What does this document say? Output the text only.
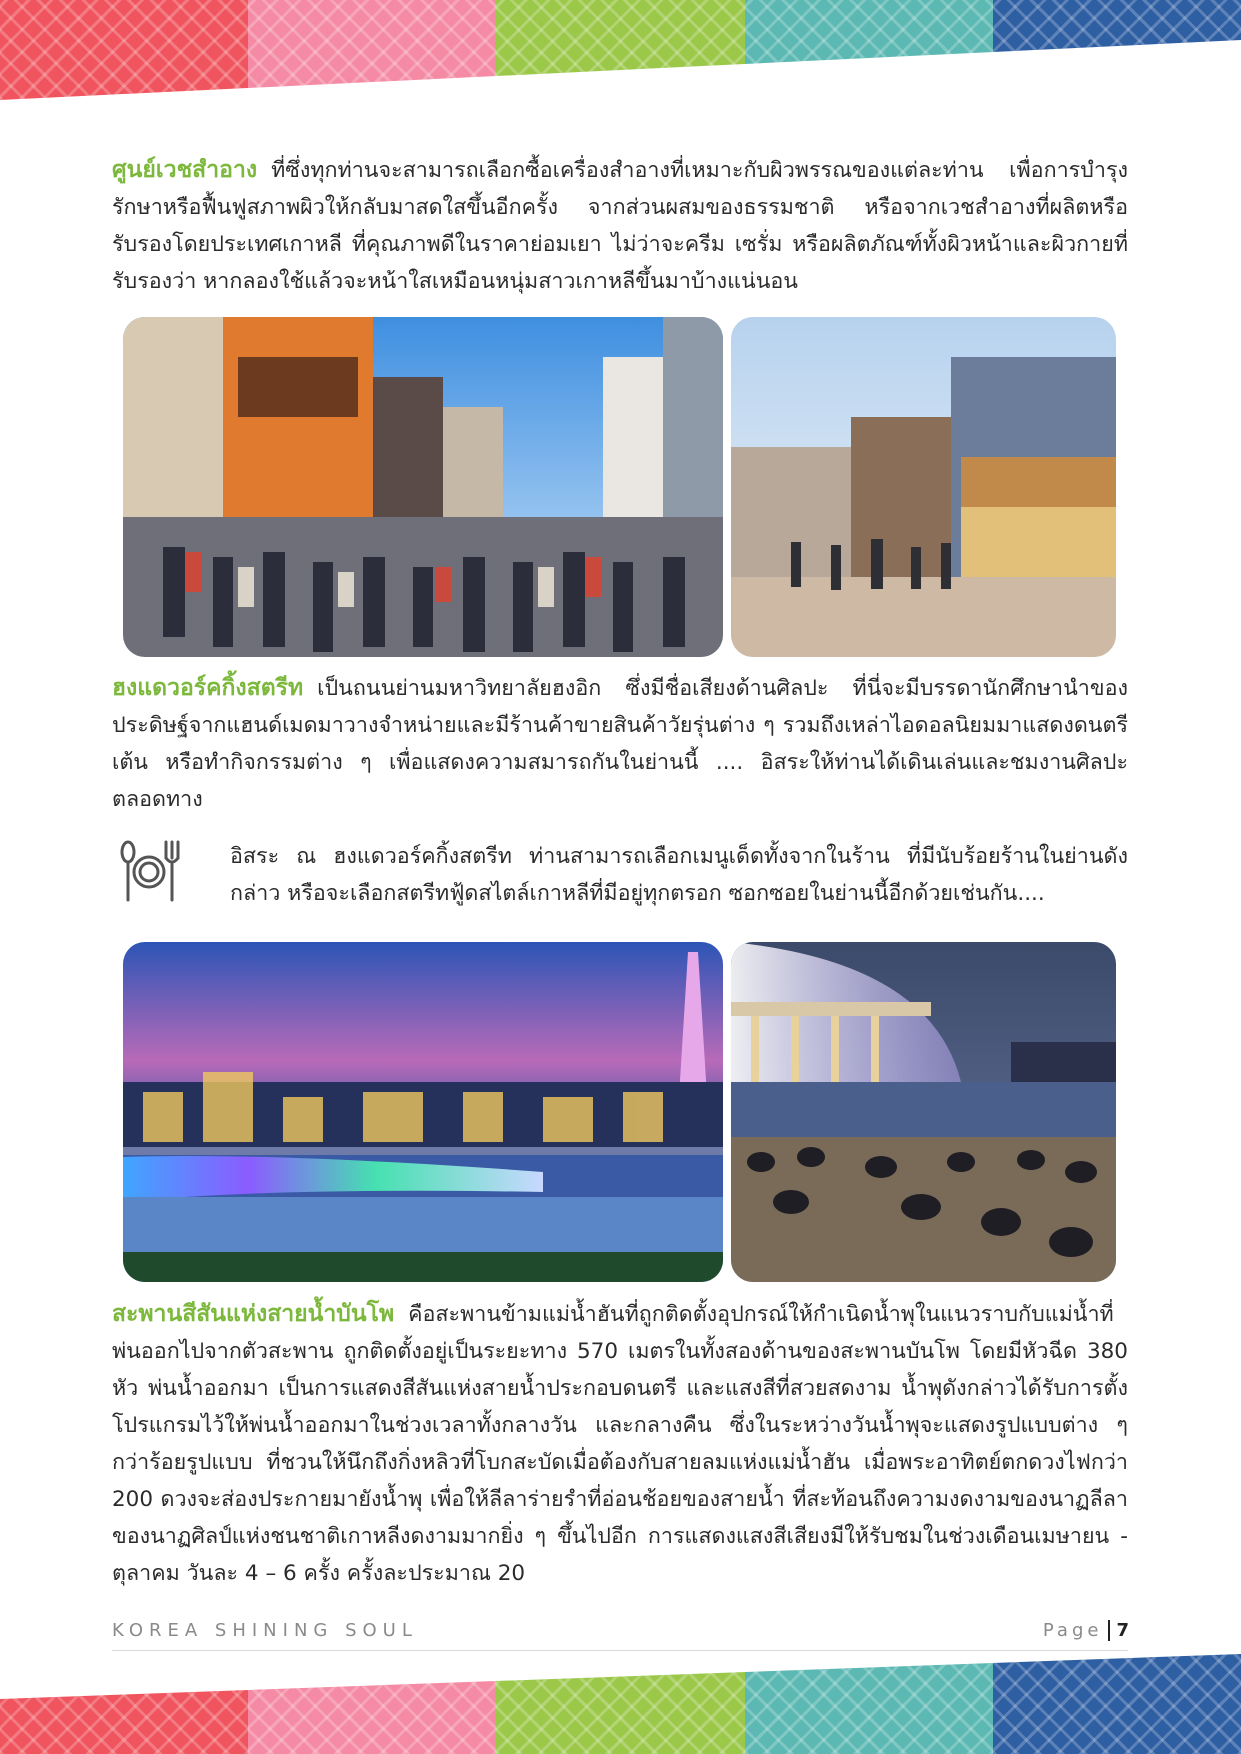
ศูนย์เวชสำอาง ที่ซึ่งทุกท่านจะสามารถเลือกซื้อเครื่องสำอางที่เหมาะกับผิวพรรณของแต่ละท่าน เพื่อการบำรุง รักษาหรือฟื้นฟูสภาพผิวให้กลับมาสดใสขึ้นอีกครั้ง จากส่วนผสมของธรรมชาติ หรือจากเวชสำอางที่ผลิตหรือรับรองโดยประเทศเกาหลี ที่คุณภาพดีในราคาย่อมเยา ไม่ว่าจะครีม เซรั่ม หรือผลิตภัณฑ์ทั้งผิวหน้าและผิวกายที่รับรองว่า หากลองใช้แล้วจะหน้าใสเหมือนหนุ่มสาวเกาหลีขึ้นมาบ้างแน่นอน
ฮงแดวอร์คกิ้งสตรีท เป็นถนนย่านมหาวิทยาลัยฮงอิก ซึ่งมีชื่อเสียงด้านศิลปะ ที่นี่จะมีบรรดานักศึกษานำของประดิษฐ์จากแฮนด์เมดมาวางจำหน่ายและมีร้านค้าขายสินค้าวัยรุ่นต่าง ๆ รวมถึงเหล่าไอดอลนิยมมาแสดงดนตรี เต้น หรือทำกิจกรรมต่าง ๆ เพื่อแสดงความสมารถกันในย่านนี้ .... อิสระให้ท่านได้เดินเล่นและชมงานศิลปะตลอดทาง
อิสระ ณ ฮงแดวอร์คกิ้งสตรีท ท่านสามารถเลือกเมนูเด็ดทั้งจากในร้าน ที่มีนับร้อยร้านในย่านดังกล่าว หรือจะเลือกสตรีทฟู้ดสไตล์เกาหลีที่มีอยู่ทุกตรอก ซอกซอยในย่านนี้อีกด้วยเช่นกัน....
สะพานสีสันแห่งสายน้ำบันโพ คือสะพานข้ามแม่น้ำฮันที่ถูกติดตั้งอุปกรณ์ให้กำเนิดน้ำพุในแนวราบกับแม่น้ำที่พ่นออกไปจากตัวสะพาน ถูกติดตั้งอยู่เป็นระยะทาง 570 เมตรในทั้งสองด้านของสะพานบันโพ โดยมีหัวฉีด 380 หัว พ่นน้ำออกมา เป็นการแสดงสีสันแห่งสายน้ำประกอบดนตรี และแสงสีที่สวยสดงาม น้ำพุดังกล่าวได้รับการตั้งโปรแกรมไว้ให้พ่นน้ำออกมาในช่วงเวลาทั้งกลางวัน และกลางคืน ซึ่งในระหว่างวันน้ำพุจะแสดงรูปแบบต่าง ๆ กว่าร้อยรูปแบบ ที่ชวนให้นึกถึงกิ่งหลิวที่โบกสะบัดเมื่อต้องกับสายลมแห่งแม่น้ำฮัน เมื่อพระอาทิตย์ตกดวงไฟกว่า 200 ดวงจะส่องประกายมายังน้ำพุ เพื่อให้ลีลาร่ายรำที่อ่อนช้อยของสายน้ำ ที่สะท้อนถึงความงดงามของนาฏลีลาของนาฏศิลป์แห่งชนชาติเกาหลีงดงามมากยิ่ง ๆ ขึ้นไปอีก การแสดงแสงสีเสียงมีให้รับชมในช่วงเดือนเมษายน - ตุลาคม วันละ 4 – 6 ครั้ง ครั้งละประมาณ 20
KOREA SHINING SOUL	Page 7
